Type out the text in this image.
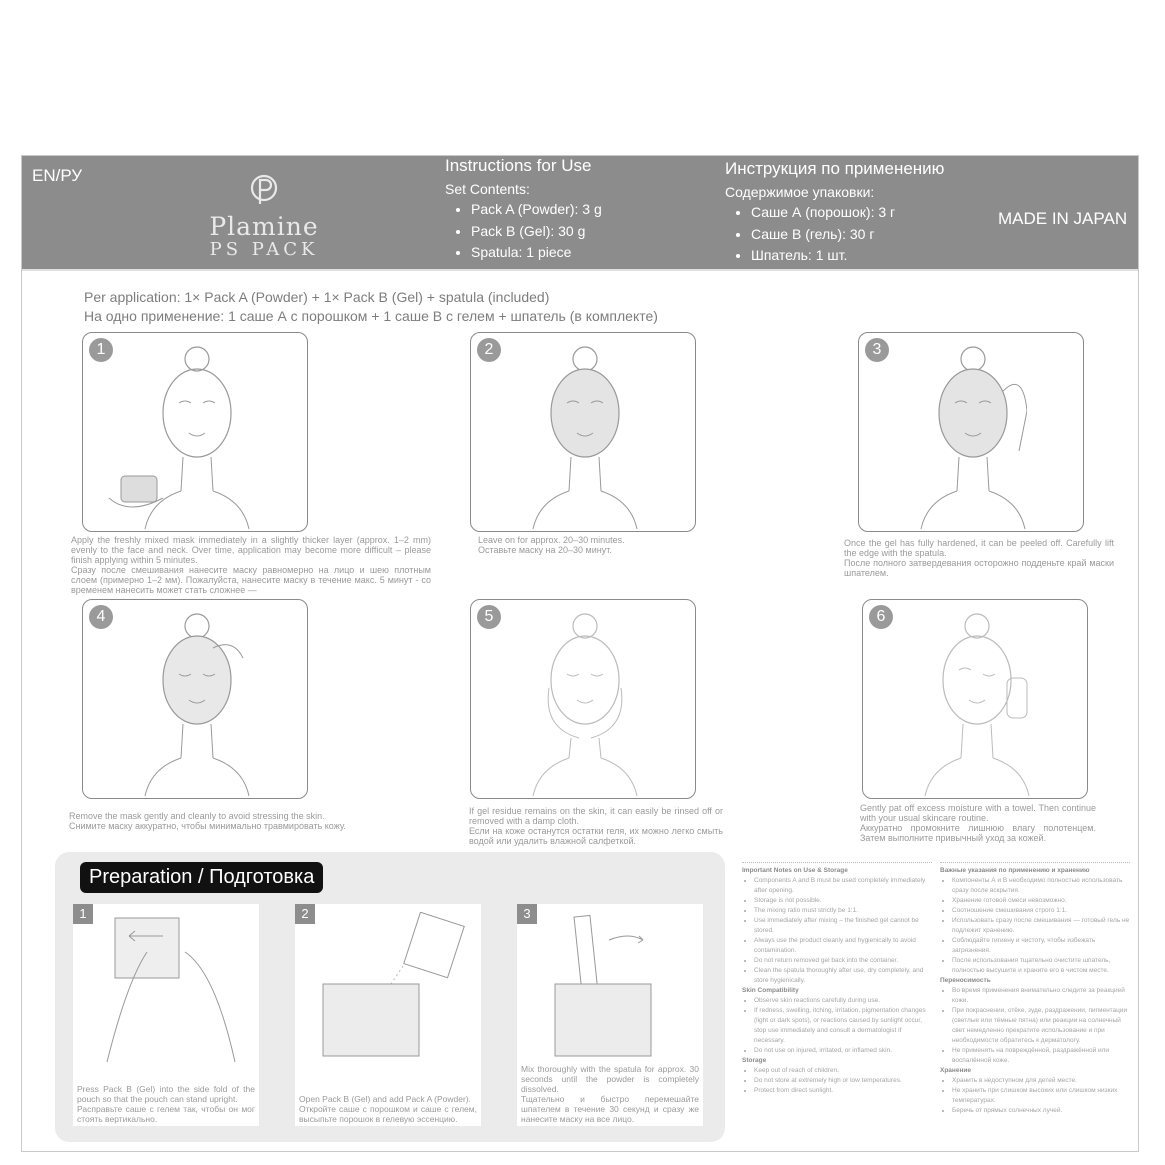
EN/РУ
Plamine
PS PACK
Instructions for Use
Set Contents:
• Pack A (Powder): 3 g
• Pack B (Gel): 30 g
• Spatula: 1 piece
Инструкция по применению
Содержимое упаковки:
• Саше А (порошок): 3 г
• Саше В (гель): 30 г
• Шпатель: 1 шт.
MADE IN JAPAN
Per application: 1× Pack A (Powder) + 1× Pack B (Gel) + spatula (included)
На одно применение: 1 саше А с порошком + 1 саше В с гелем + шпатель (в комплекте)
1
Apply the freshly mixed mask immediately in a slightly thicker layer (approx. 1–2 mm) evenly to the face and neck. Over time, application may become more difficult – please finish applying within 5 minutes.
Сразу после смешивания нанесите маску равномерно на лицо и шею плотным слоем (примерно 1–2 мм). Пожалуйста, нанесите маску в течение макс. 5 минут - со временем нанесить может стать сложнее —
2
Leave on for approx. 20–30 minutes.
Оставьте маску на 20–30 минут.
3
Once the gel has fully hardened, it can be peeled off. Carefully lift the edge with the spatula.
После полного затвердевания осторожно подденьте край маски шпателем.
4
Remove the mask gently and cleanly to avoid stressing the skin.
Снимите маску аккуратно, чтобы минимально травмировать кожу.
5
If gel residue remains on the skin, it can easily be rinsed off or removed with a damp cloth.
Если на коже останутся остатки геля, их можно легко смыть водой или удалить влажной салфеткой.
6
Gently pat off excess moisture with a towel. Then continue with your usual skincare routine.
Аккуратно промокните лишнюю влагу полотенцем. Затем выполните привычный уход за кожей.
Preparation / Подготовка
1
Press Pack B (Gel) into the side fold of the pouch so that the pouch can stand upright.
Расправьте саше с гелем так, чтобы он мог стоять вертикально.
2
Open Pack B (Gel) and add Pack A (Powder).
Откройте саше с порошком и саше с гелем, высыпьте порошок в гелевую эссенцию.
3
Mix thoroughly with the spatula for approx. 30 seconds until the powder is completely dissolved.
Тщательно и быстро перемешайте шпателем в течение 30 секунд и сразу же нанесите маску на все лицо.
Important Notes on Use & Storage
• Components A and B must be used completely immediately after opening.
• Storage is not possible.
• The mixing ratio must strictly be 1:1.
• Use immediately after mixing – the finished gel cannot be stored.
• Always use the product cleanly and hygienically to avoid contamination.
• Do not return removed gel back into the container.
• Clean the spatula thoroughly after use, dry completely, and store hygienically.
Skin Compatibility
• Observe skin reactions carefully during use.
• If redness, swelling, itching, irritation, pigmentation changes (light or dark spots), or reactions caused by sunlight occur, stop use immediately and consult a dermatologist if necessary.
• Do not use on injured, irritated, or inflamed skin.
Storage
• Keep out of reach of children.
• Do not store at extremely high or low temperatures.
• Protect from direct sunlight.
Важные указания по применению и хранению
• Компоненты А и В необходимо полностью использовать сразу после вскрытия.
• Хранение готовой смеси невозможно.
• Соотношение смешивания строго 1:1.
• Использовать сразу после смешивания — готовый гель не подлежит хранению.
• Соблюдайте гигиену и чистоту, чтобы избежать загрязнения.
• После использования тщательно очистите шпатель, полностью высушите и храните его в чистом месте.
Переносимость
• Во время применения внимательно следите за реакцией кожи.
• При покраснении, отёке, зуде, раздражении, пигментации (светлые или тёмные пятна) или реакции на солнечный свет немедленно прекратите использование и при необходимости обратитесь к дерматологу.
• Не применять на повреждённой, раздражённой или воспалённой коже.
Хранение
• Хранить в недоступном для детей месте.
• Не хранить при слишком высоких или слишком низких температурах.
• Беречь от прямых солнечных лучей.
